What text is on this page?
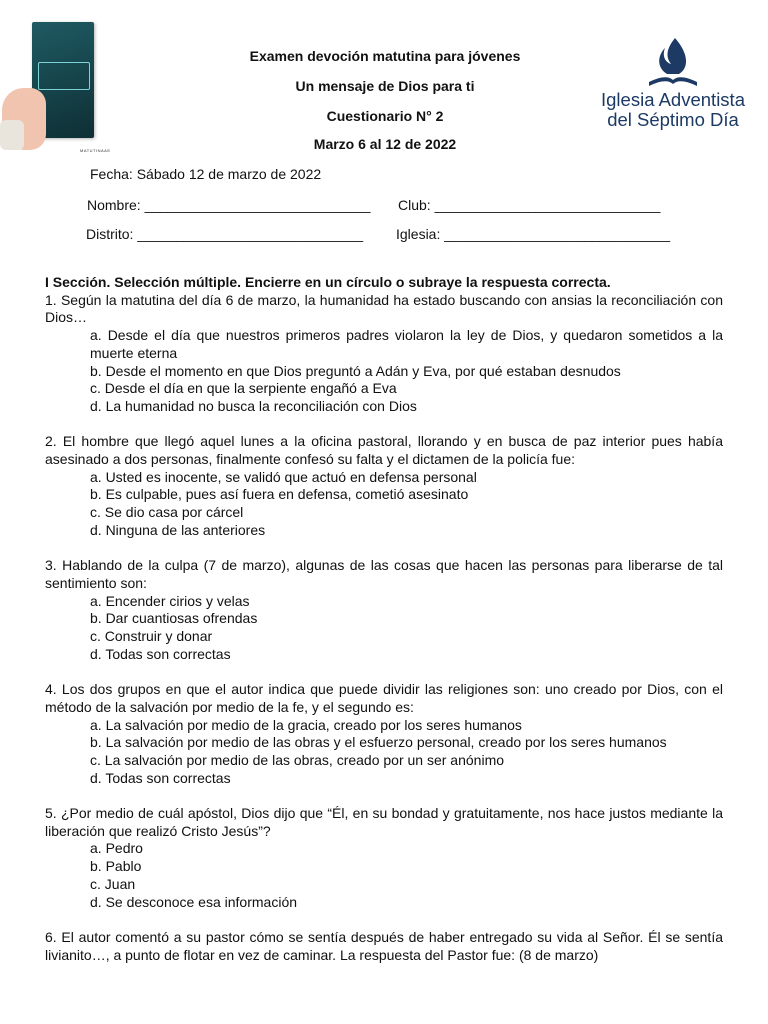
MATUTINAAE
Examen devoción matutina para jóvenes
Un mensaje de Dios para ti
Cuestionario N° 2
Marzo 6 al 12 de 2022
Iglesia Adventista
del Séptimo Día
Fecha: Sábado 12 de marzo de 2022
Nombre: _____________________________ Club: _____________________________
Distrito: _____________________________ Iglesia: _____________________________

I Sección. Selección múltiple. Encierre en un círculo o subraye la respuesta correcta.

1. Según la matutina del día 6 de marzo, la humanidad ha estado buscando con ansias la reconciliación con Dios…

a. Desde el día que nuestros primeros padres violaron la ley de Dios, y quedaron sometidos a la muerte eterna

b. Desde el momento en que Dios preguntó a Adán y Eva, por qué estaban desnudos

c. Desde el día en que la serpiente engañó a Eva

d. La humanidad no busca la reconciliación con Dios

2. El hombre que llegó aquel lunes a la oficina pastoral, llorando y en busca de paz interior pues había asesinado a dos personas, finalmente confesó su falta y el dictamen de la policía fue:

a. Usted es inocente, se validó que actuó en defensa personal

b. Es culpable, pues así fuera en defensa, cometió asesinato

c. Se dio casa por cárcel

d. Ninguna de las anteriores

3. Hablando de la culpa (7 de marzo), algunas de las cosas que hacen las personas para liberarse de tal sentimiento son:

a. Encender cirios y velas

b. Dar cuantiosas ofrendas

c. Construir y donar

d. Todas son correctas

4. Los dos grupos en que el autor indica que puede dividir las religiones son: uno creado por Dios, con el método de la salvación por medio de la fe, y el segundo es:

a. La salvación por medio de la gracia, creado por los seres humanos

b. La salvación por medio de las obras y el esfuerzo personal, creado por los seres humanos

c. La salvación por medio de las obras, creado por un ser anónimo

d. Todas son correctas

5. ¿Por medio de cuál apóstol, Dios dijo que “Él, en su bondad y gratuitamente, nos hace justos mediante la liberación que realizó Cristo Jesús”?

a. Pedro

b. Pablo

c. Juan

d. Se desconoce esa información

6. El autor comentó a su pastor cómo se sentía después de haber entregado su vida al Señor. Él se sentía livianito…, a punto de flotar en vez de caminar. La respuesta del Pastor fue: (8 de marzo)
